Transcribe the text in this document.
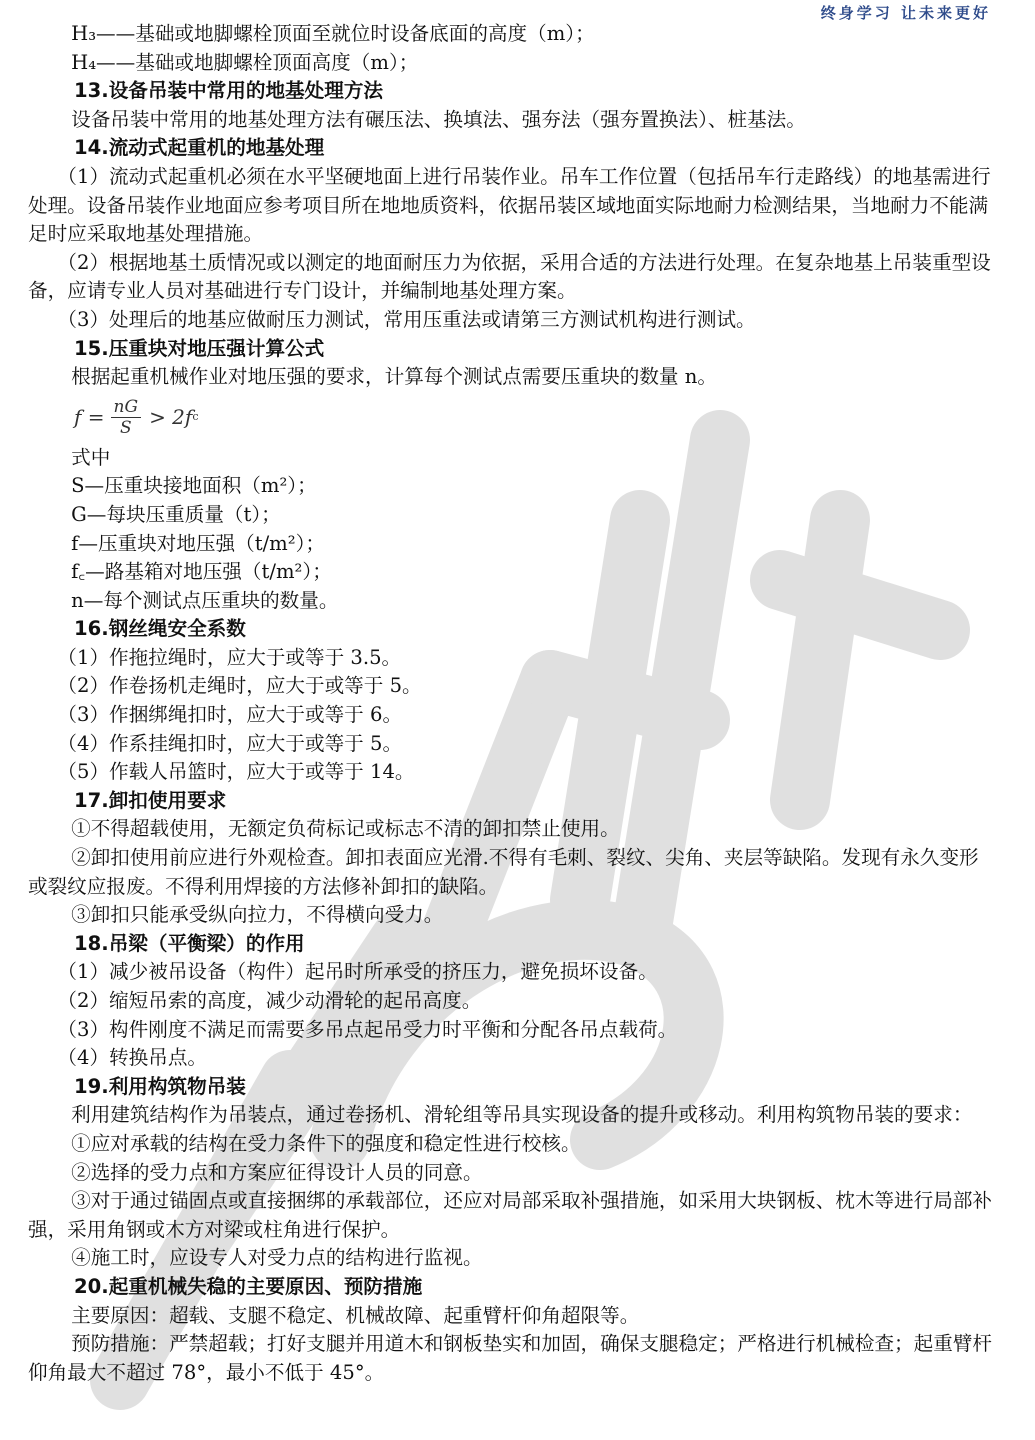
终身学习 让未来更好

H₃——基础或地脚螺栓顶面至就位时设备底面的高度（m）；

H₄——基础或地脚螺栓顶面高度（m）；

13.设备吊装中常用的地基处理方法

设备吊装中常用的地基处理方法有碾压法、换填法、强夯法（强夯置换法）、桩基法。

14.流动式起重机的地基处理

（1）流动式起重机必须在水平坚硬地面上进行吊装作业。吊车工作位置（包括吊车行走路线）的地基需进行处理。设备吊装作业地面应参考项目所在地地质资料，依据吊装区域地面实际地耐力检测结果，当地耐力不能满足时应采取地基处理措施。

（2）根据地基土质情况或以测定的地面耐压力为依据，采用合适的方法进行处理。在复杂地基上吊装重型设备，应请专业人员对基础进行专门设计，并编制地基处理方案。

（3）处理后的地基应做耐压力测试，常用压重法或请第三方测试机构进行测试。

15.压重块对地压强计算公式

根据起重机械作业对地压强的要求，计算每个测试点需要压重块的数量 n。

$f = \frac{nG}{S} > 2f$ c

式中

S—压重块接地面积（m²）；

G—每块压重质量（t）；

f—压重块对地压强（t/m²）；

f꜀—路基箱对地压强（t/m²）；

n—每个测试点压重块的数量。

16.钢丝绳安全系数

（1）作拖拉绳时，应大于或等于 3.5。

（2）作卷扬机走绳时，应大于或等于 5。

（3）作捆绑绳扣时，应大于或等于 6。

（4）作系挂绳扣时，应大于或等于 5。

（5）作载人吊篮时，应大于或等于 14。

17.卸扣使用要求

①不得超载使用，无额定负荷标记或标志不清的卸扣禁止使用。

②卸扣使用前应进行外观检查。卸扣表面应光滑.不得有毛刺、裂纹、尖角、夹层等缺陷。发现有永久变形或裂纹应报废。不得利用焊接的方法修补卸扣的缺陷。

③卸扣只能承受纵向拉力，不得横向受力。

18.吊梁（平衡梁）的作用

（1）减少被吊设备（构件）起吊时所承受的挤压力，避免损坏设备。

（2）缩短吊索的高度，减少动滑轮的起吊高度。

（3）构件刚度不满足而需要多吊点起吊受力时平衡和分配各吊点载荷。

（4）转换吊点。

19.利用构筑物吊装

利用建筑结构作为吊装点，通过卷扬机、滑轮组等吊具实现设备的提升或移动。利用构筑物吊装的要求：

①应对承载的结构在受力条件下的强度和稳定性进行校核。

②选择的受力点和方案应征得设计人员的同意。

③对于通过锚固点或直接捆绑的承载部位，还应对局部采取补强措施，如采用大块钢板、枕木等进行局部补强，采用角钢或木方对梁或柱角进行保护。

④施工时，应设专人对受力点的结构进行监视。

20.起重机械失稳的主要原因、预防措施

主要原因：超载、支腿不稳定、机械故障、起重臂杆仰角超限等。

预防措施：严禁超载；打好支腿并用道木和钢板垫实和加固，确保支腿稳定；严格进行机械检查；起重臂杆仰角最大不超过 78°，最小不低于 45°。
